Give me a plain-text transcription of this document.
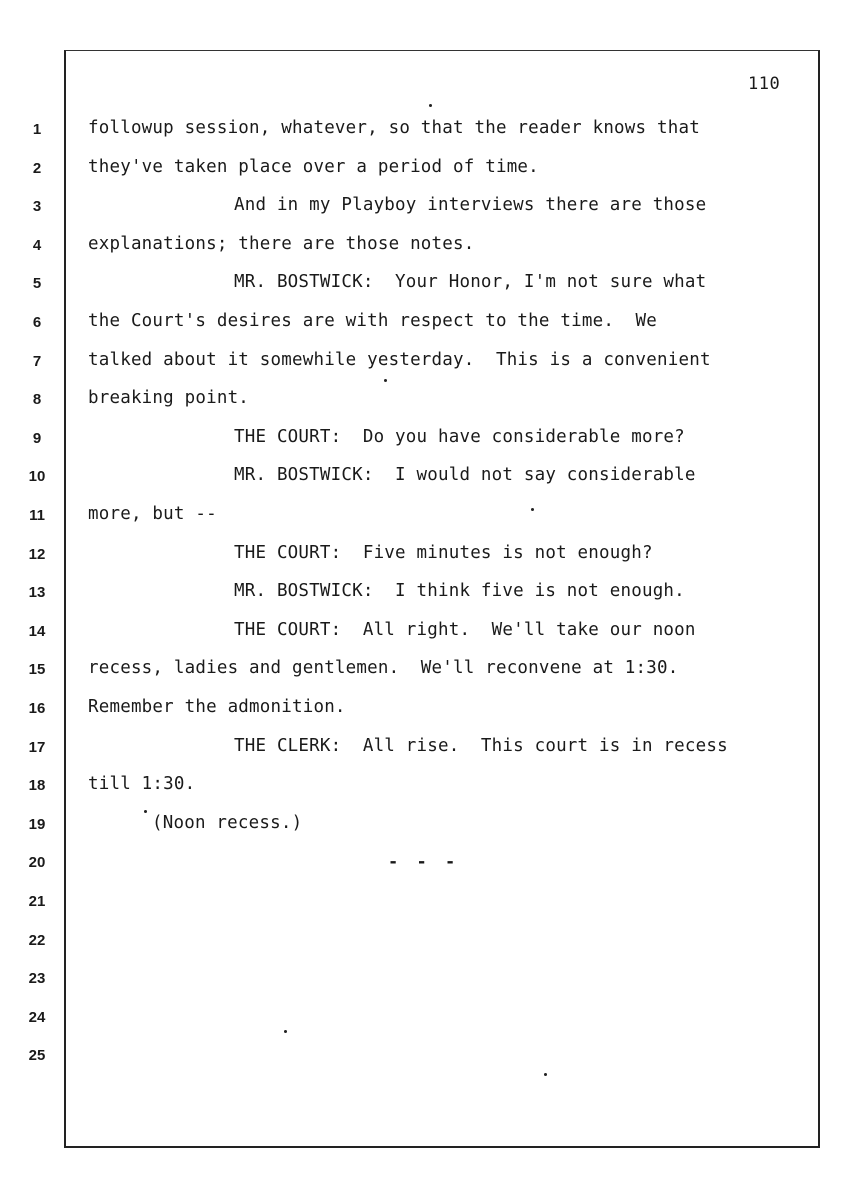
110
1	followup session, whatever, so that the reader knows that
2	they've taken place over a period of time.
3	And in my Playboy interviews there are those
4	explanations; there are those notes.
5	MR. BOSTWICK:  Your Honor, I'm not sure what
6	the Court's desires are with respect to the time.  We
7	talked about it somewhile yesterday.  This is a convenient
8	breaking point.
9	THE COURT:  Do you have considerable more?
10	MR. BOSTWICK:  I would not say considerable
11	more, but --
12	THE COURT:  Five minutes is not enough?
13	MR. BOSTWICK:  I think five is not enough.
14	THE COURT:  All right.  We'll take our noon
15	recess, ladies and gentlemen.  We'll reconvene at 1:30.
16	Remember the admonition.
17	THE CLERK:  All rise.  This court is in recess
18	till 1:30.
19	(Noon recess.)
20
21
22
23
24
25
- - -
